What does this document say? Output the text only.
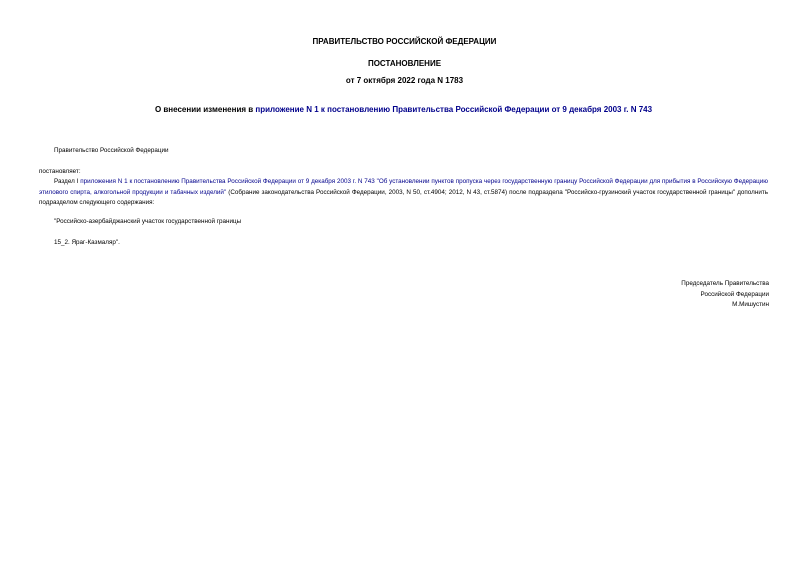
ПРАВИТЕЛЬСТВО РОССИЙСКОЙ ФЕДЕРАЦИИ
ПОСТАНОВЛЕНИЕ
от 7 октября 2022 года N 1783
О внесении изменения в приложение N 1 к постановлению Правительства Российской Федерации от 9 декабря 2003 г. N 743
Правительство Российской Федерации
постановляет:
Раздел I приложения N 1 к постановлению Правительства Российской Федерации от 9 декабря 2003 г. N 743 "Об установлении пунктов пропуска через государственную границу Российской Федерации для прибытия в Российскую Федерацию этилового спирта, алкогольной продукции и табачных изделий" (Собрание законодательства Российской Федерации, 2003, N 50, ст.4904; 2012, N 43, ст.5874) после подраздела "Российско-грузинский участок государственной границы" дополнить подразделом следующего содержания:
"Российско-азербайджанский участок государственной границы
15_2. Яраг-Казмаляр".
Председатель Правительства
Российской Федерации
М.Мишустин
